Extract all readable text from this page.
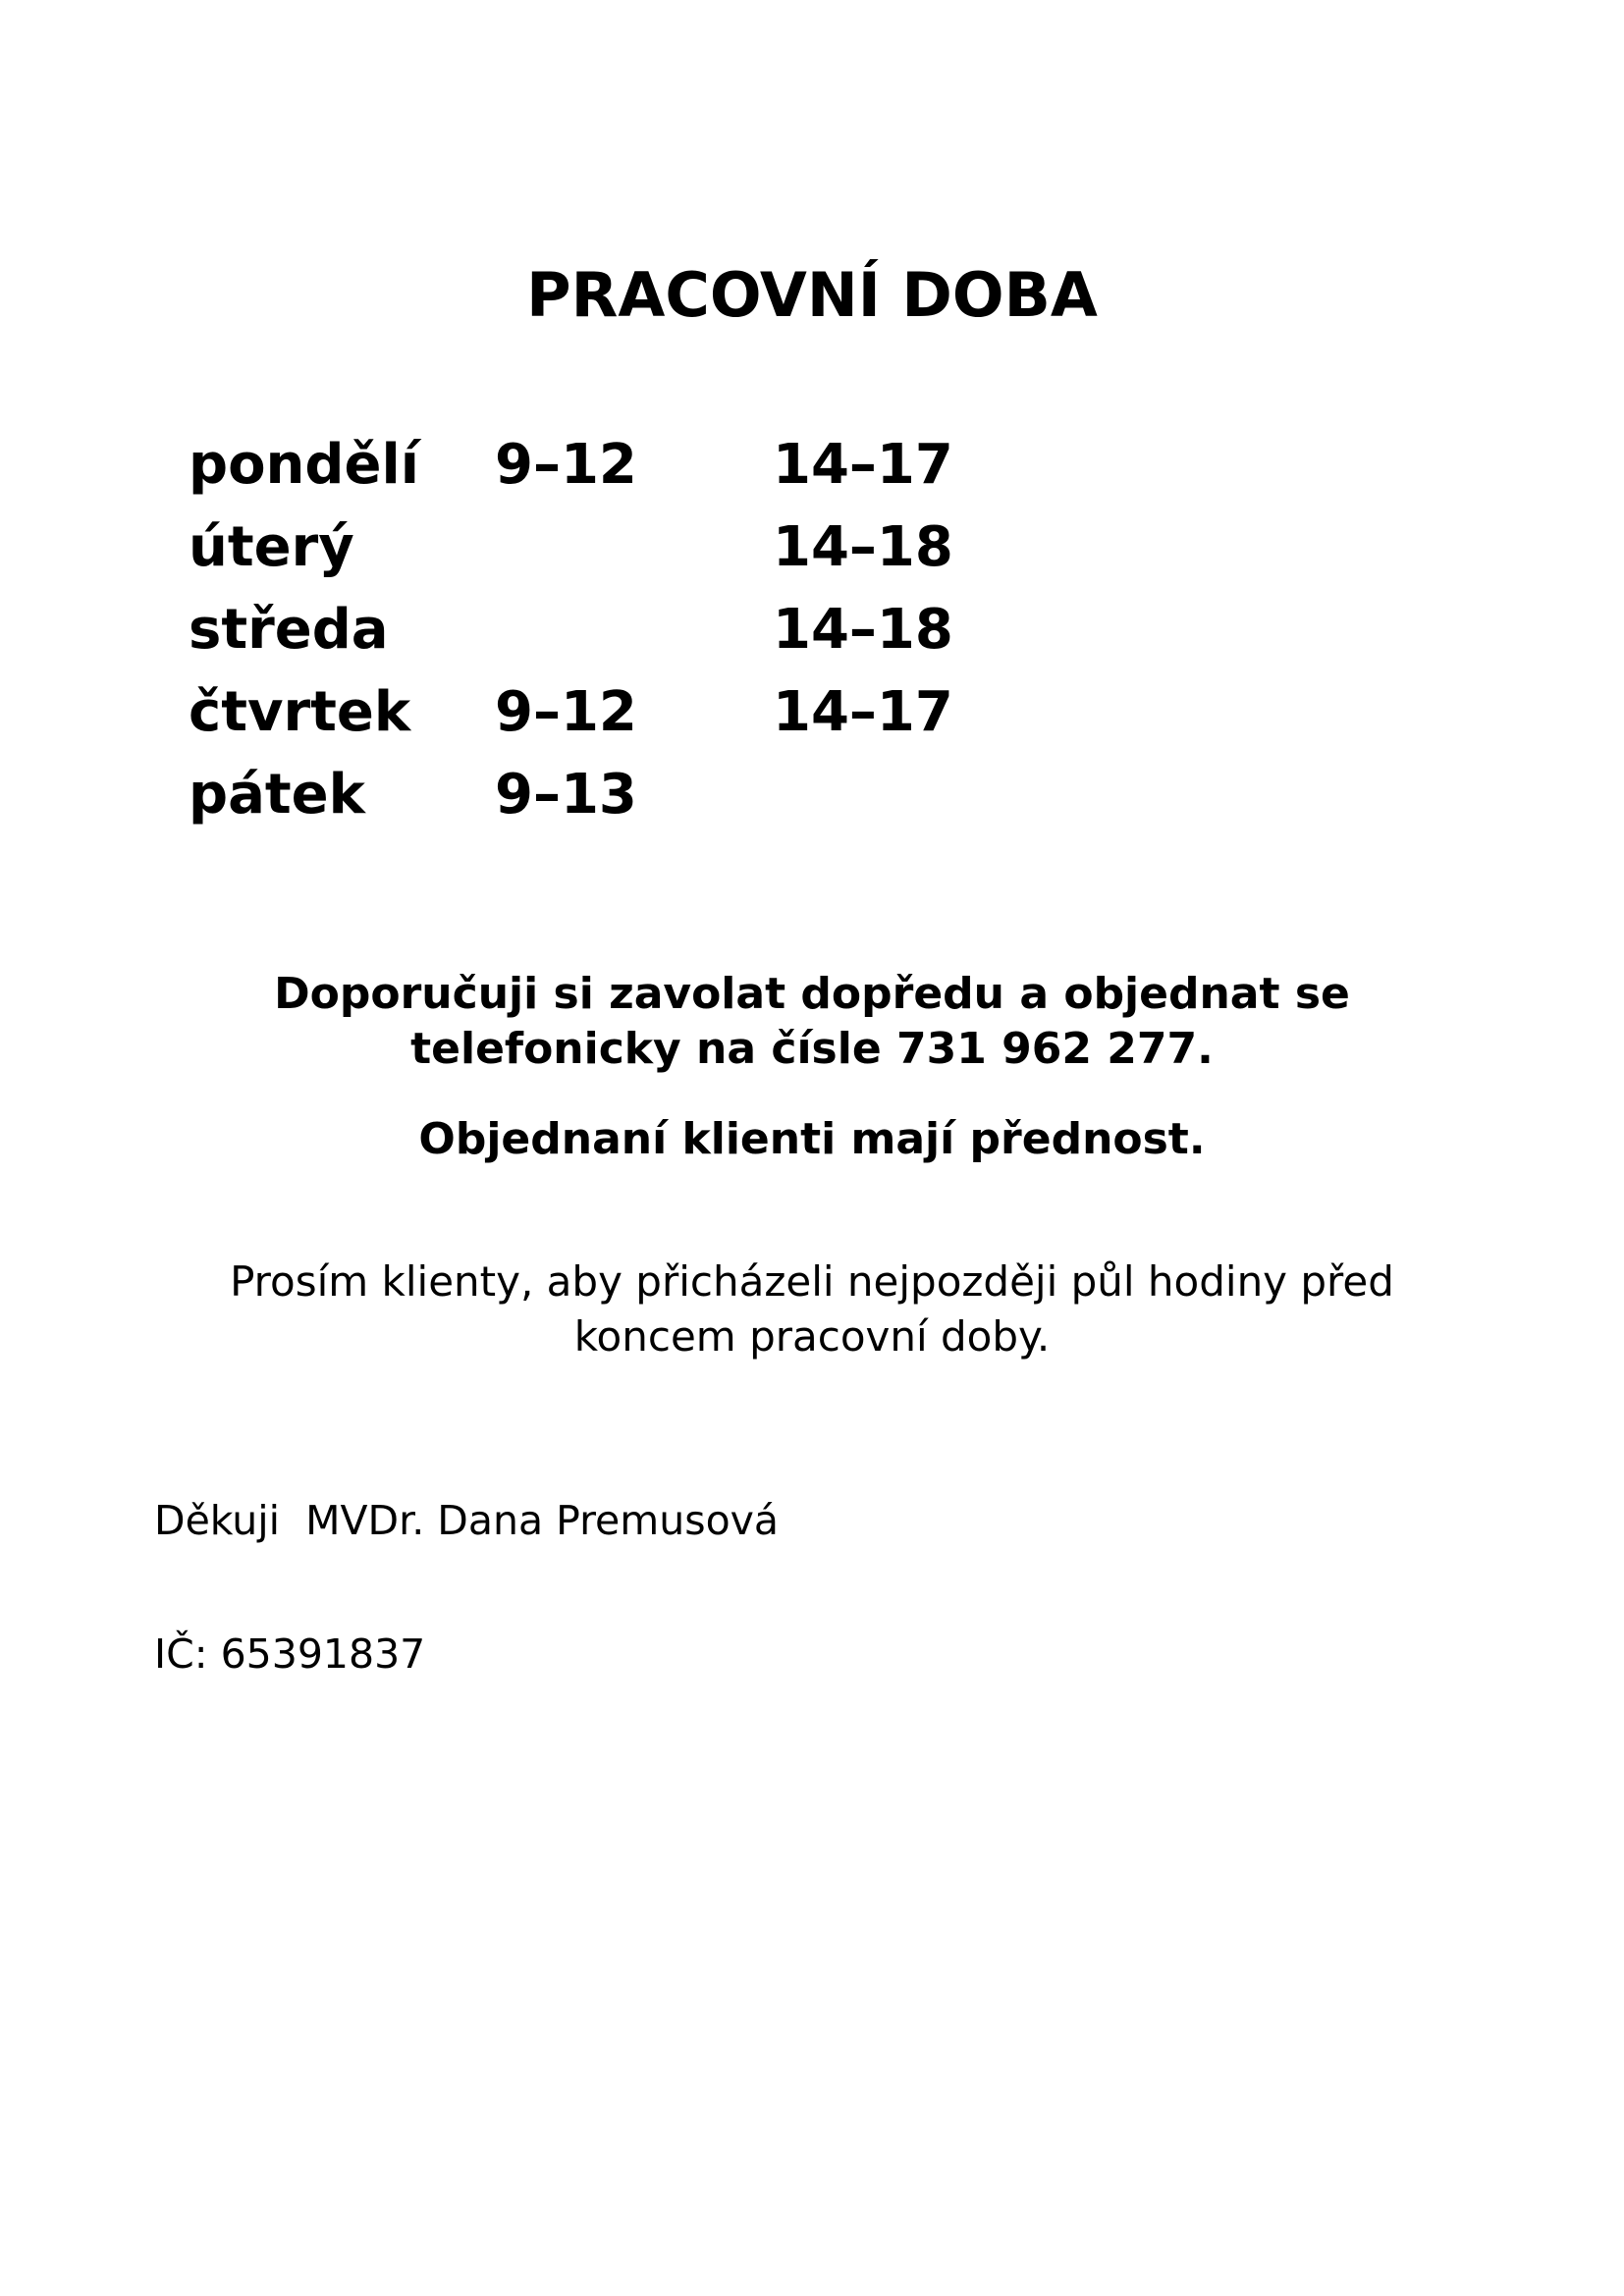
PRACOVNÍ DOBA
pondělí 9–12 14–17
úterý	14–18
středa	14–18
čtvrtek 9–12 14–17
pátek 9–13

Doporučuji si zavolat dopředu a objednat se
telefonicky na čísle 731 962 277.

Objednaní klienti mají přednost.

Prosím klienty, aby přicházeli nejpozději půl hodiny před
koncem pracovní doby.

Děkuji  MVDr. Dana Premusová

IČ: 65391837
